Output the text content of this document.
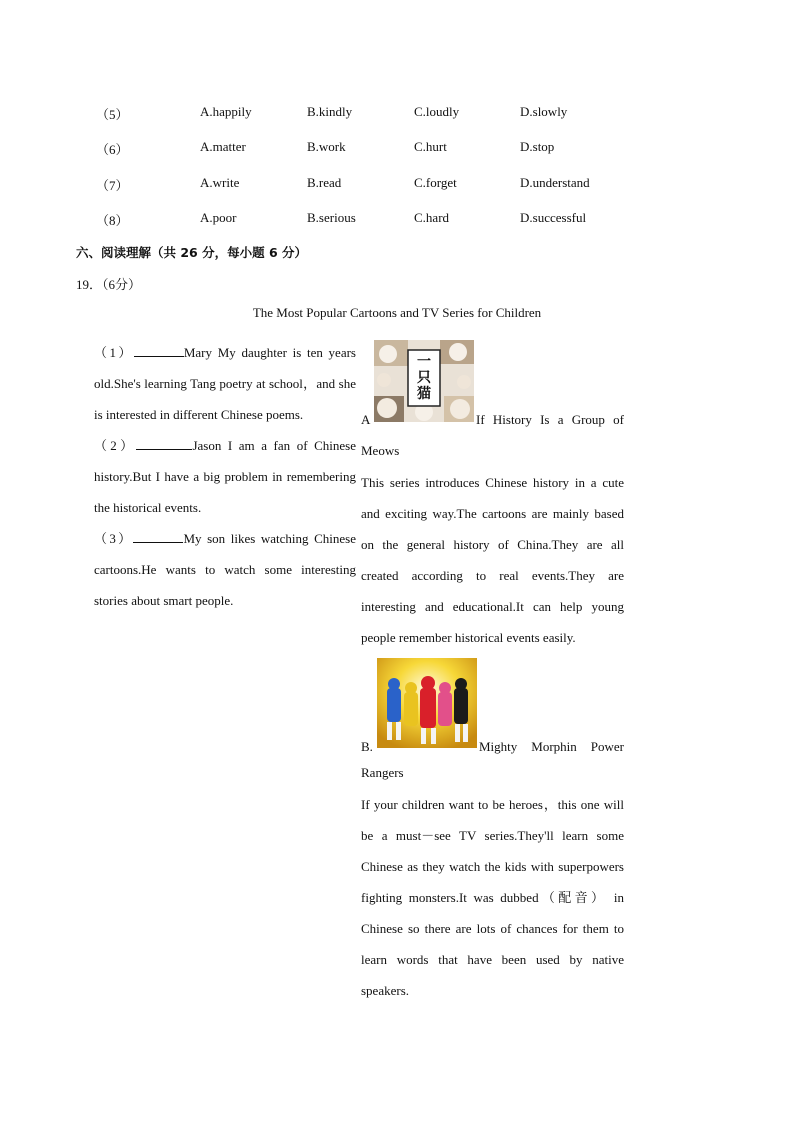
（5）	A.happily	B.kindly	C.loudly	D.slowly
（6）	A.matter	B.work	C.hurt	D.stop
（7）	A.write	B.read	C.forget	D.understand
（8）	A.poor	B.serious	C.hard	D.successful
六、阅读理解（共 26 分，每小题 6 分）
19．（6分）
The Most Popular Cartoons and TV Series for Children

（1）	Mary My daughter is ten years old.She's learning Tang poetry at school，and she is interested in different Chinese poems.

（2）	Jason I am a fan of Chinese history.But I have a big problem in remembering the historical events.

（3）	My son likes watching Chinese cartoons.He wants to watch some interesting stories about smart people.

一只猫
A	If History Is a Group of
Meows
This series introduces Chinese history in a cute and exciting way.The cartoons are mainly based on the general history of China.They are all created according to real events.They are interesting and educational.It can help young people remember historical events easily.
B.	Mighty Morphin Power
Rangers
If your children want to be heroes，this one will be a must－see TV series.They'll learn some Chinese as they watch the kids with superpowers fighting monsters.It was dubbed（配音） in Chinese so there are lots of chances for them to learn words that have been used by native speakers.
